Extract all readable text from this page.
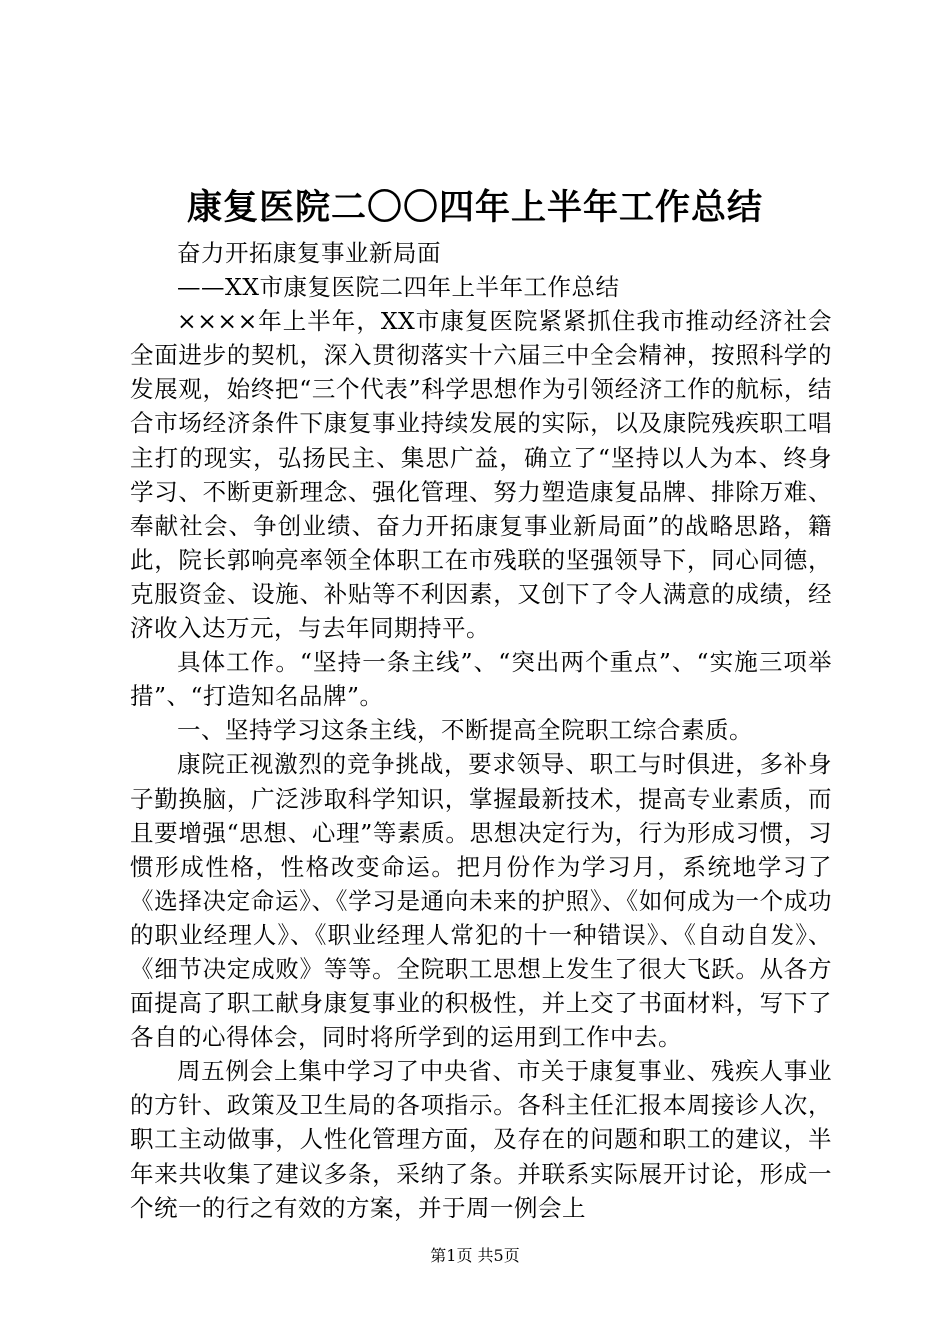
康复医院二〇〇四年上半年工作总结

奋力开拓康复事业新局面

——XX市康复医院二四年上半年工作总结

××××年上半年，XX市康复医院紧紧抓住我市推动经济社会全面进步的契机，深入贯彻落实十六届三中全会精神，按照科学的发展观，始终把“三个代表”科学思想作为引领经济工作的航标，结合市场经济条件下康复事业持续发展的实际，以及康院残疾职工唱主打的现实，弘扬民主、集思广益，确立了“坚持以人为本、终身学习、不断更新理念、强化管理、努力塑造康复品牌、排除万难、奉献社会、争创业绩、奋力开拓康复事业新局面”的战略思路，籍此，院长郭响亮率领全体职工在市残联的坚强领导下，同心同德，克服资金、设施、补贴等不利因素，又创下了令人满意的成绩，经济收入达万元，与去年同期持平。

具体工作。“坚持一条主线”、“突出两个重点”、“实施三项举措”、“打造知名品牌”。

一、坚持学习这条主线，不断提高全院职工综合素质。

康院正视激烈的竞争挑战，要求领导、职工与时俱进，多补身子勤换脑，广泛涉取科学知识，掌握最新技术，提高专业素质，而且要增强“思想、心理”等素质。思想决定行为，行为形成习惯，习惯形成性格，性格改变命运。把月份作为学习月，系统地学习了《选择决定命运》、《学习是通向未来的护照》、《如何成为一个成功的职业经理人》、《职业经理人常犯的十一种错误》、《自动自发》、《细节决定成败》等等。全院职工思想上发生了很大飞跃。从各方面提高了职工献身康复事业的积极性，并上交了书面材料，写下了各自的心得体会，同时将所学到的运用到工作中去。

周五例会上集中学习了中央省、市关于康复事业、残疾人事业的方针、政策及卫生局的各项指示。各科主任汇报本周接诊人次，职工主动做事，人性化管理方面，及存在的问题和职工的建议，半年来共收集了建议多条，采纳了条。并联系实际展开讨论，形成一个统一的行之有效的方案，并于周一例会上

第1页 共5页
